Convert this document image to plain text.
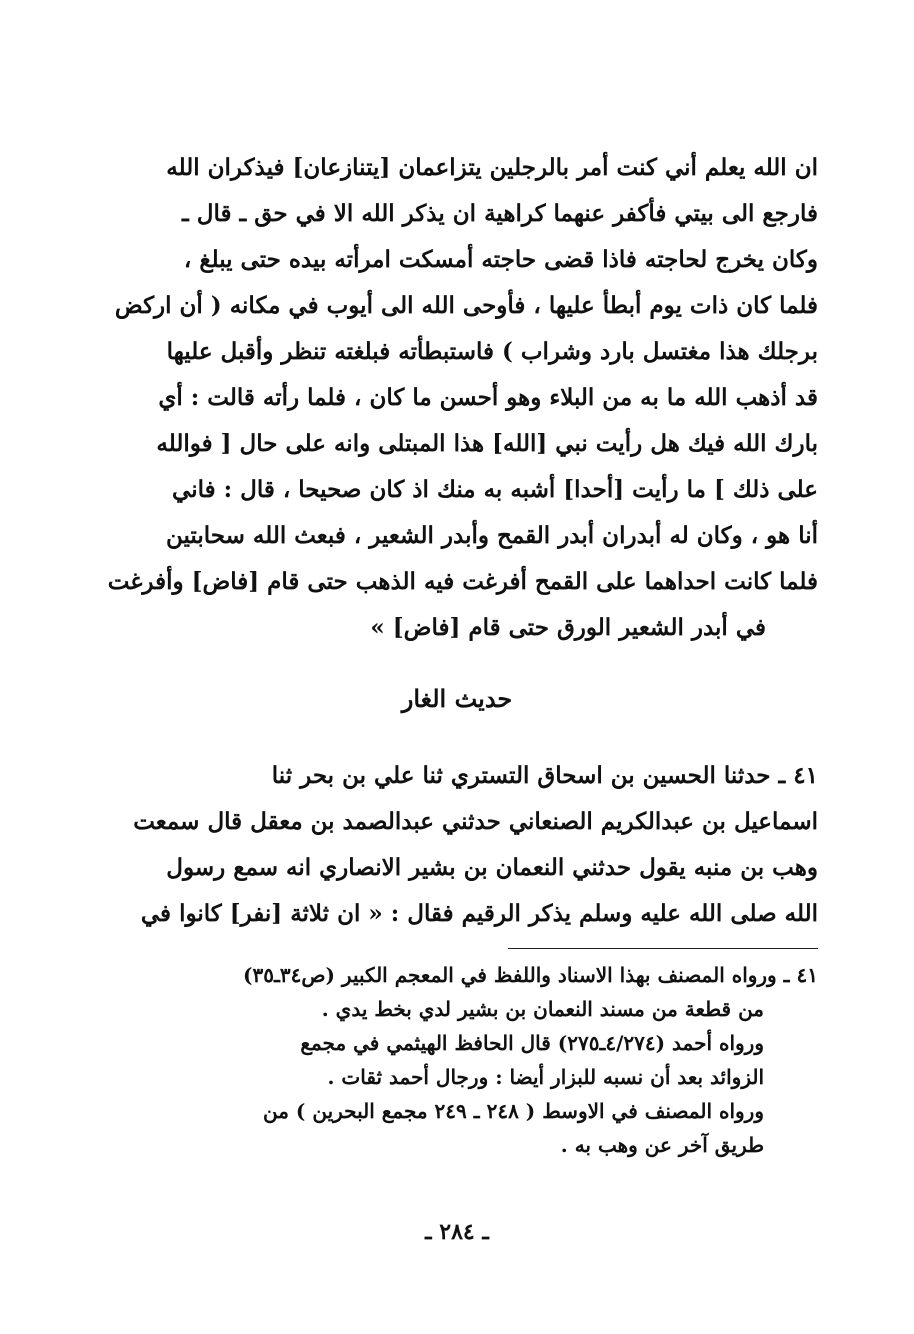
ان الله يعلم أني كنت أمر بالرجلين يتزاعمان [يتنازعان] فيذكران الله
فارجع الى بيتي فأكفر عنهما كراهية ان يذكر الله الا في حق ـ قال ـ
وكان يخرج لحاجته فاذا قضى حاجته أمسكت امرأته بيده حتى يبلغ ،
فلما كان ذات يوم أبطأ عليها ، فأوحى الله الى أيوب في مكانه ( أن اركض
برجلك هذا مغتسل بارد وشراب ) فاستبطأته فبلغته تنظر وأقبل عليها
قد أذهب الله ما به من البلاء وهو أحسن ما كان ، فلما رأته قالت : أي
بارك الله فيك هل رأيت نبي [الله] هذا المبتلى وانه على حال [ فوالله
على ذلك ] ما رأيت [أحدا] أشبه به منك اذ كان صحيحا ، قال : فاني
أنا هو ، وكان له أبدران أبدر القمح وأبدر الشعير ، فبعث الله سحابتين
فلما كانت احداهما على القمح أفرغت فيه الذهب حتى قام [فاض] وأفرغت
في أبدر الشعير الورق حتى قام [فاض] »
حديث الغار
٤١ ـ حدثنا الحسين بن اسحاق التستري ثنا علي بن بحر ثنا
اسماعيل بن عبدالكريم الصنعاني حدثني عبدالصمد بن معقل قال سمعت
وهب بن منبه يقول حدثني النعمان بن بشير الانصاري انه سمع رسول
الله صلى الله عليه وسلم يذكر الرقيم فقال : « ان ثلاثة [نفر] كانوا في
٤١ ـ ورواه المصنف بهذا الاسناد واللفظ في المعجم الكبير (ص٣٤ـ٣٥)
من قطعة من مسند النعمان بن بشير لدي بخط يدي .
ورواه أحمد (٤/٢٧٤ـ٢٧٥) قال الحافظ الهيثمي في مجمع
الزوائد بعد أن نسبه للبزار أيضا : ورجال أحمد ثقات .
ورواه المصنف في الاوسط ( ٢٤٨ ـ ٢٤٩ مجمع البحرين ) من
طريق آخر عن وهب به .
ـ ٢٨٤ ـ
